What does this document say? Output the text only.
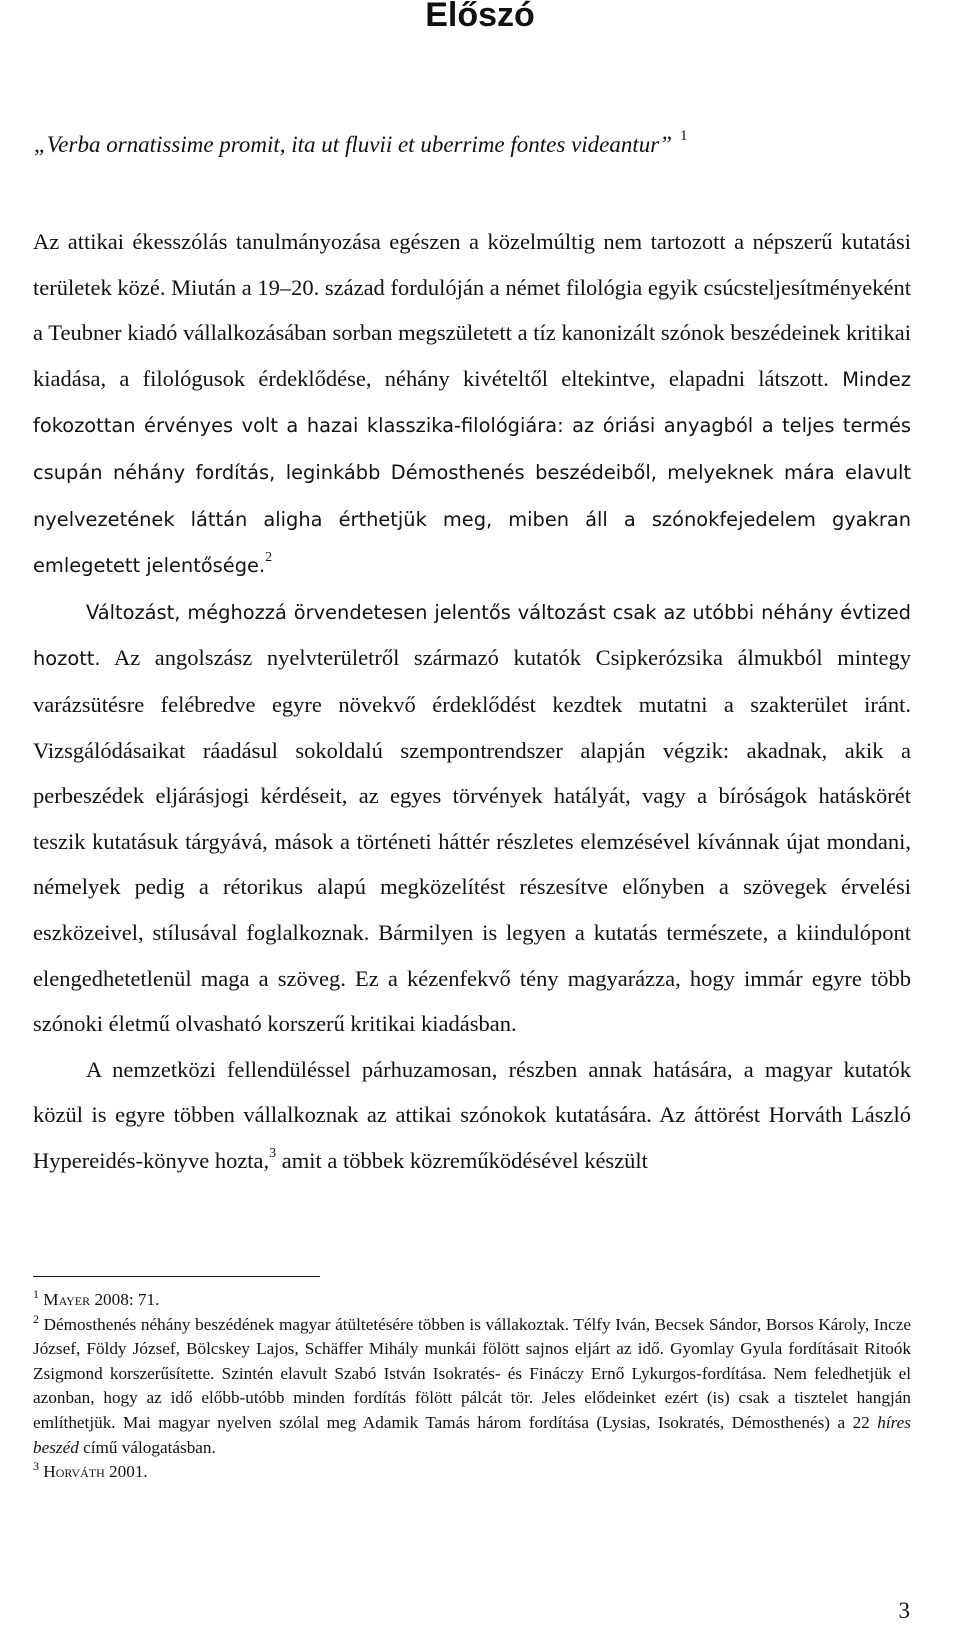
Előszó
„Verba ornatissime promit, ita ut fluvii et uberrime fontes videantur” $^1$

Az attikai ékesszólás tanulmányozása egészen a közelmúltig nem tartozott a népszerű kutatási területek közé. Miután a 19–20. század fordulóján a német filológia egyik csúcsteljesítményeként a Teubner kiadó vállalkozásában sorban megszületett a tíz kanonizált szónok beszédeinek kritikai kiadása, a filológusok érdeklődése, néhány kivételtől eltekintve, elapadni látszott. Mindez fokozottan érvényes volt a hazai klasszika-filológiára: az óriási anyagból a teljes termés csupán néhány fordítás, leginkább Démosthenés beszédeiből, melyeknek mára elavult nyelvezetének láttán aligha érthetjük meg, miben áll a szónokfejedelem gyakran emlegetett jelentősége.$^2$

Változást, méghozzá örvendetesen jelentős változást csak az utóbbi néhány évtized hozott. Az angolszász nyelvterületről származó kutatók Csipkerózsika álmukból mintegy varázsütésre felébredve egyre növekvő érdeklődést kezdtek mutatni a szakterület iránt. Vizsgálódásaikat ráadásul sokoldalú szempontrendszer alapján végzik: akadnak, akik a perbeszédek eljárásjogi kérdéseit, az egyes törvények hatályát, vagy a bíróságok hatáskörét teszik kutatásuk tárgyává, mások a történeti háttér részletes elemzésével kívánnak újat mondani, némelyek pedig a rétorikus alapú megközelítést részesítve előnyben a szövegek érvelési eszközeivel, stílusával foglalkoznak. Bármilyen is legyen a kutatás természete, a kiindulópont elengedhetetlenül maga a szöveg. Ez a kézenfekvő tény magyarázza, hogy immár egyre több szónoki életmű olvasható korszerű kritikai kiadásban.

A nemzetközi fellendüléssel párhuzamosan, részben annak hatására, a magyar kutatók közül is egyre többen vállalkoznak az attikai szónokok kutatására. Az áttörést Horváth László Hypereidés-könyve hozta,$^3$ amit a többek közreműködésével készült

$^1$ Mayer 2008: 71.

$^2$ Démosthenés néhány beszédének magyar átültetésére többen is vállakoztak. Télfy Iván, Becsek Sándor, Borsos Károly, Incze József, Földy József, Bölcskey Lajos, Schäffer Mihály munkái fölött sajnos eljárt az idő. Gyomlay Gyula fordításait Ritoók Zsigmond korszerűsítette. Szintén elavult Szabó István Isokratés- és Fináczy Ernő Lykurgos-fordítása. Nem feledhetjük el azonban, hogy az idő előbb-utóbb minden fordítás fölött pálcát tör. Jeles elődeinket ezért (is) csak a tisztelet hangján említhetjük. Mai magyar nyelven szólal meg Adamik Tamás három fordítása (Lysias, Isokratés, Démosthenés) a 22 híres beszéd című válogatásban.

$^3$ Horváth 2001.

3
